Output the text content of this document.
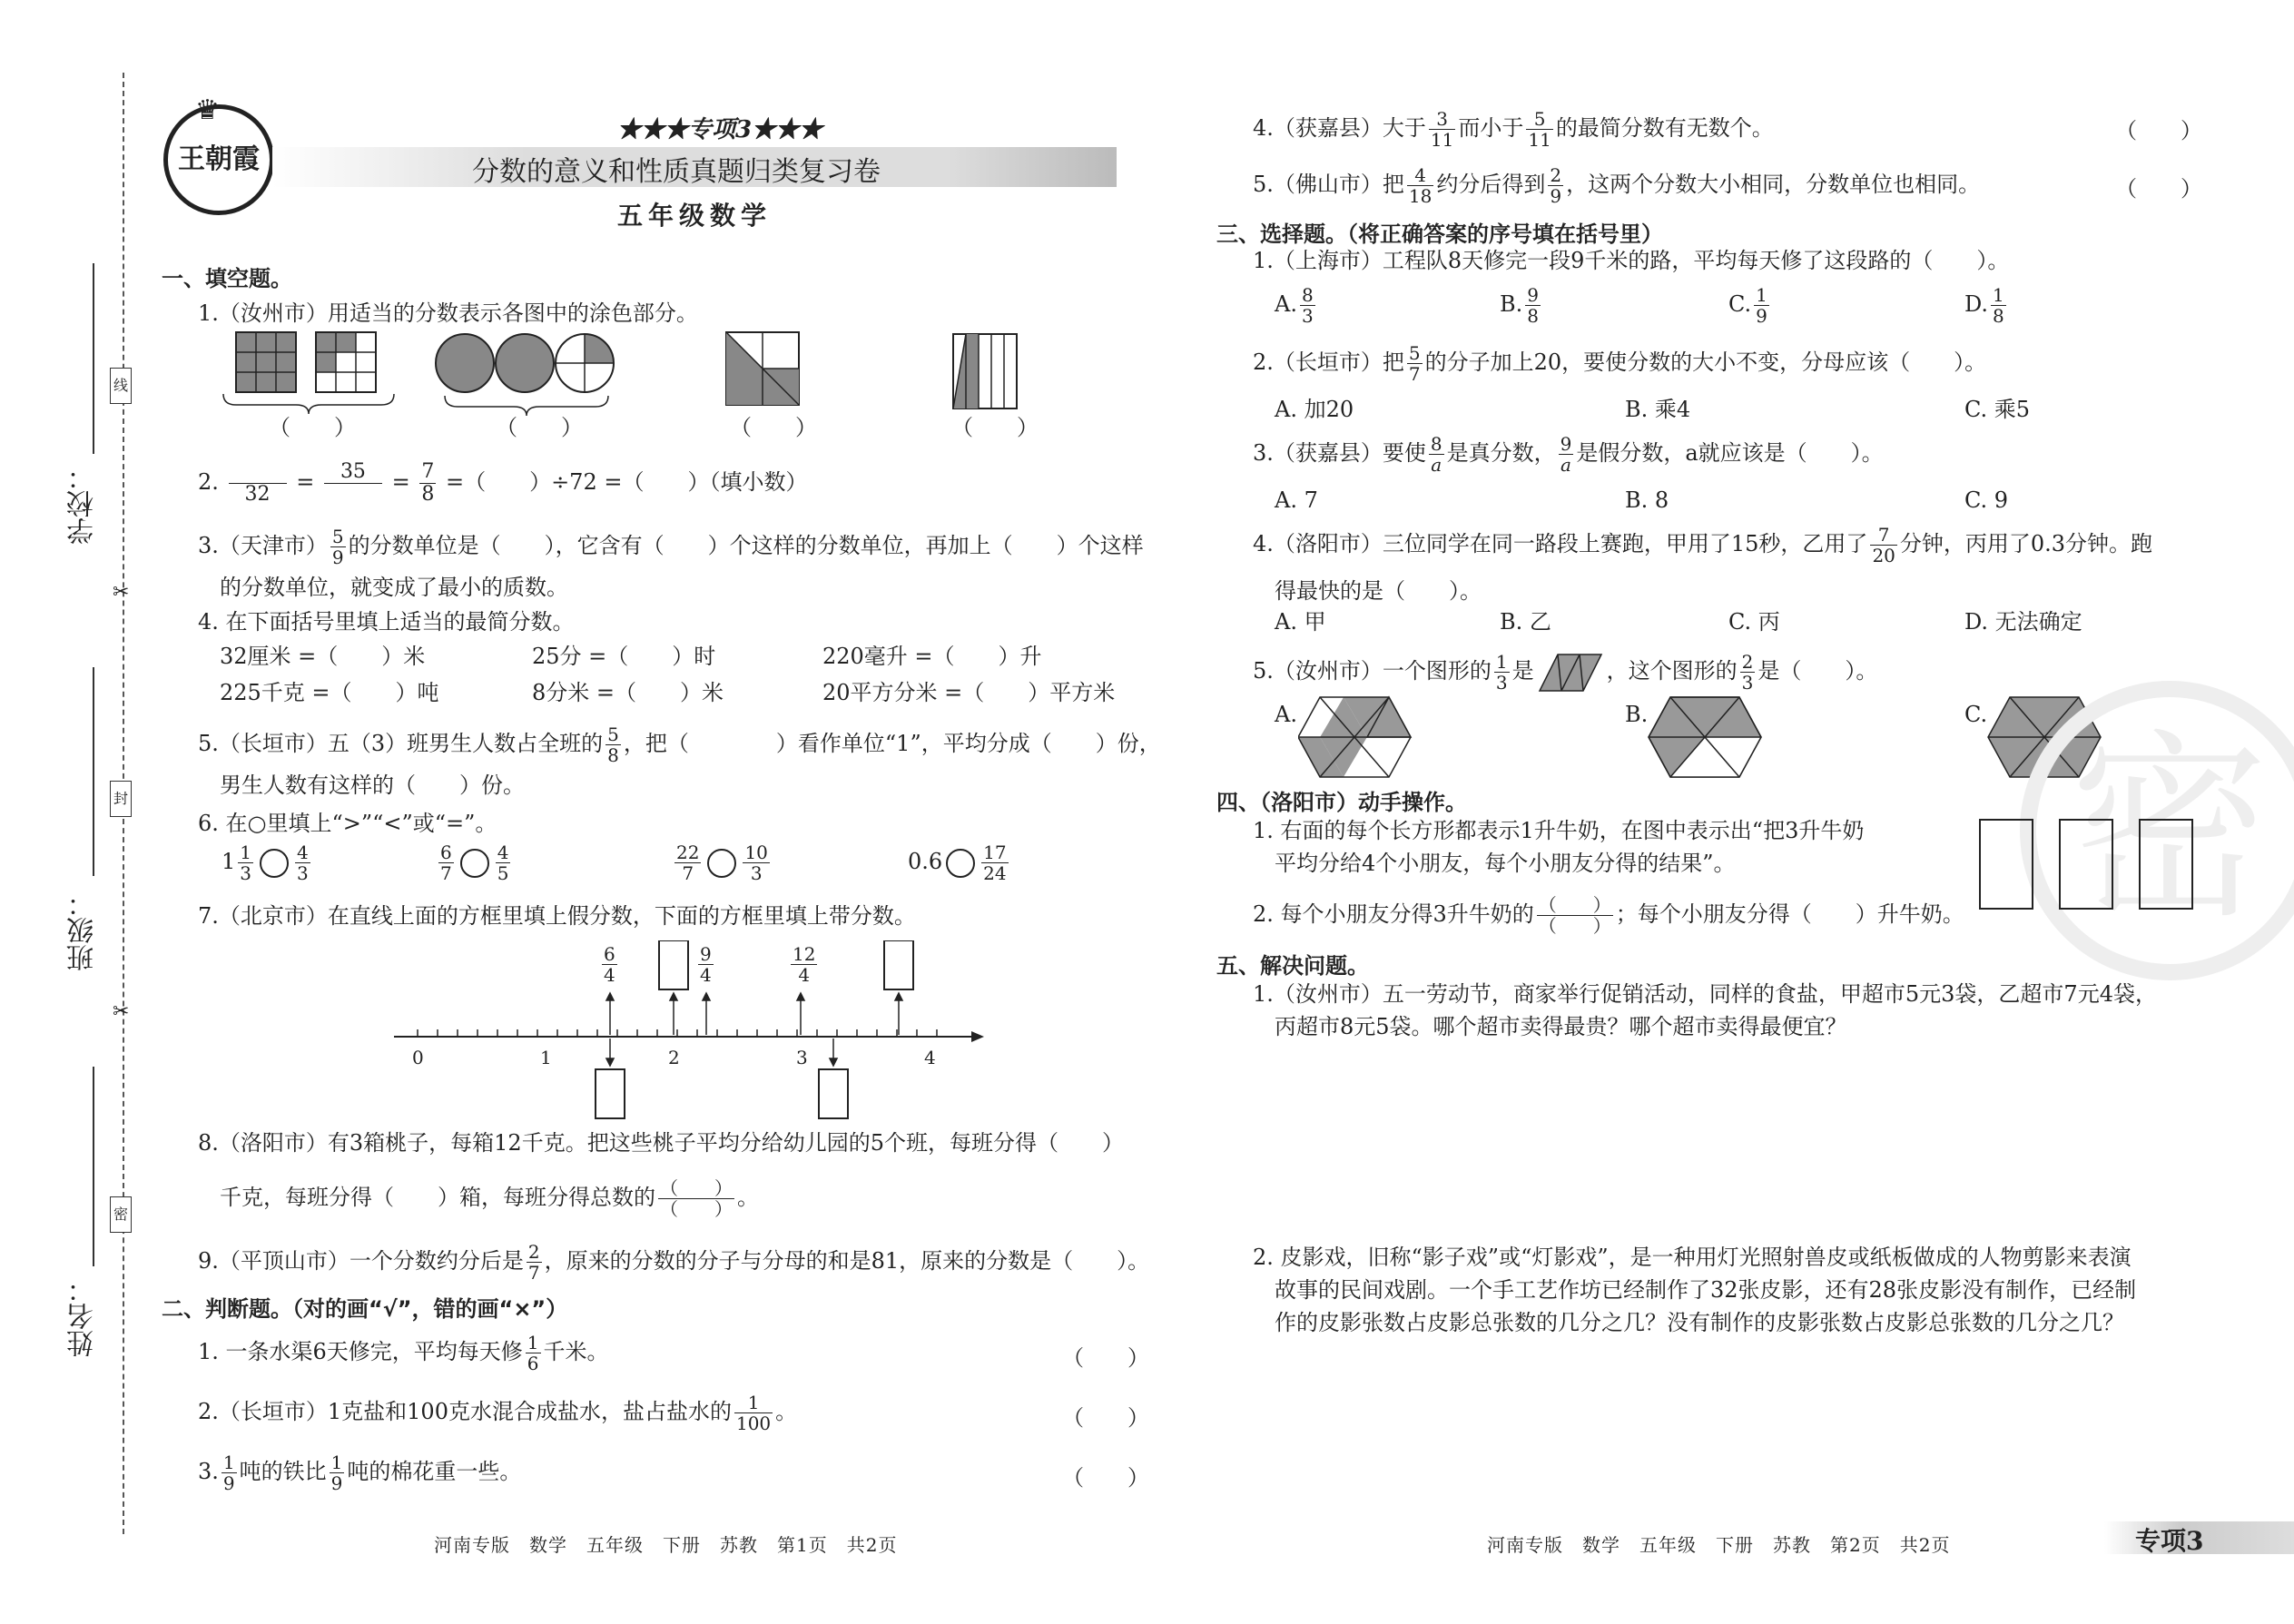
线
封
密
✂
✂
学校：
班级：
姓名：
♛
王朝霞
★★★专项3★★★
分数的意义和性质真题归类复习卷
五年级数学
一、填空题。
1.（汝州市）用适当的分数表示各图中的涂色部分。
（　　）	（　　）	（　　）	（　　）
2.
	32	=	35
	= $\frac{7}{8}$ =（　　）÷72 =（　　）（填小数）
3.（天津市） $\frac{5}{9}$ 的分数单位是（　　），它含有（　　）个这样的分数单位，再加上（　　）个这样
的分数单位，就变成了最小的质数。
4. 在下面括号里填上适当的最简分数。
32厘米 =（　　）米	25分 =（　　）时	220毫升 =（　　）升
225千克 =（　　）吨	8分米 =（　　）米	20平方分米 =（　　）平方米
5.（长垣市）五（3）班男生人数占全班的 $\frac{5}{8}$ ，把（　　　　）看作单位“1”，平均分成（　　）份，
男生人数有这样的（　　）份。
6. 在○里填上“>”“<”或“=”。
$1 \frac{1}{3} \frac{4}{3}$	$\frac{6}{7} \frac{4}{5}$	$\frac{22}{7} \frac{10}{3}$	$0.6 \frac{17}{24}$
7.（北京市）在直线上面的方框里填上假分数，下面的方框里填上带分数。
0	1	2	3	4
$\frac{6}{4}$	$\frac{9}{4}$	$\frac{12}{4}$
8.（洛阳市）有3箱桃子，每箱12千克。把这些桃子平均分给幼儿园的5个班，每班分得（　　）
千克，每班分得（　　）箱，每班分得总数的 $\frac{( )}{( )}$ 。
9.（平顶山市）一个分数约分后是 $\frac{2}{7}$ ，原来的分数的分子与分母的和是81，原来的分数是（　　）。
二、判断题。（对的画“√”，错的画“×”）
1. 一条水渠6天修完，平均每天修 $\frac{1}{6}$ 千米。	（　　）
2.（长垣市）1克盐和100克水混合成盐水，盐占盐水的 $\frac{1}{100}$ 。	（　　）
3. $\frac{1}{9}$ 吨的铁比 $\frac{1}{9}$ 吨的棉花重一些。	（　　）
4.（获嘉县）大于 $\frac{3}{11}$ 而小于 $\frac{5}{11}$ 的最简分数有无数个。	（　　）
5.（佛山市）把 $\frac{4}{18}$ 约分后得到 $\frac{2}{9}$ ，这两个分数大小相同，分数单位也相同。	（　　）
三、选择题。（将正确答案的序号填在括号里）
1.（上海市）工程队8天修完一段9千米的路，平均每天修了这段路的（　　）。
A. $\frac{8}{3}$	B. $\frac{9}{8}$	C. $\frac{1}{9}$	D. $\frac{1}{8}$
2.（长垣市）把 $\frac{5}{7}$ 的分子加上20，要使分数的大小不变，分母应该（　　）。
A. 加20	B. 乘4	C. 乘5
3.（获嘉县）要使 $\frac{8}{a}$ 是真分数， $\frac{9}{a}$ 是假分数，a就应该是（　　）。
A. 7	B. 8	C. 9
4.（洛阳市）三位同学在同一路段上赛跑，甲用了15秒，乙用了 $\frac{7}{20}$ 分钟，丙用了0.3分钟。跑
得最快的是（　　）。
A. 甲	B. 乙	C. 丙	D. 无法确定
5.（汝州市）一个图形的 $\frac{1}{3}$ 是	，这个图形的 $\frac{2}{3}$ 是（　　）。
A.	B.	C. 密
四、（洛阳市）动手操作。
1. 右面的每个长方形都表示1升牛奶，在图中表示出“把3升牛奶
平均分给4个小朋友，每个小朋友分得的结果”。
2. 每个小朋友分得3升牛奶的 $\frac{( )}{( )}$ ；每个小朋友分得（　　）升牛奶。
五、解决问题。
1.（汝州市）五一劳动节，商家举行促销活动，同样的食盐，甲超市5元3袋，乙超市7元4袋，
丙超市8元5袋。哪个超市卖得最贵？哪个超市卖得最便宜？
2. 皮影戏，旧称“影子戏”或“灯影戏”，是一种用灯光照射兽皮或纸板做成的人物剪影来表演
故事的民间戏剧。一个手工艺作坊已经制作了32张皮影，还有28张皮影没有制作，已经制
作的皮影张数占皮影总张数的几分之几？没有制作的皮影张数占皮影总张数的几分之几？
河南专版　数学　五年级　下册　苏教　第1页　共2页	河南专版　数学　五年级　下册　苏教　第2页　共2页	专项3
